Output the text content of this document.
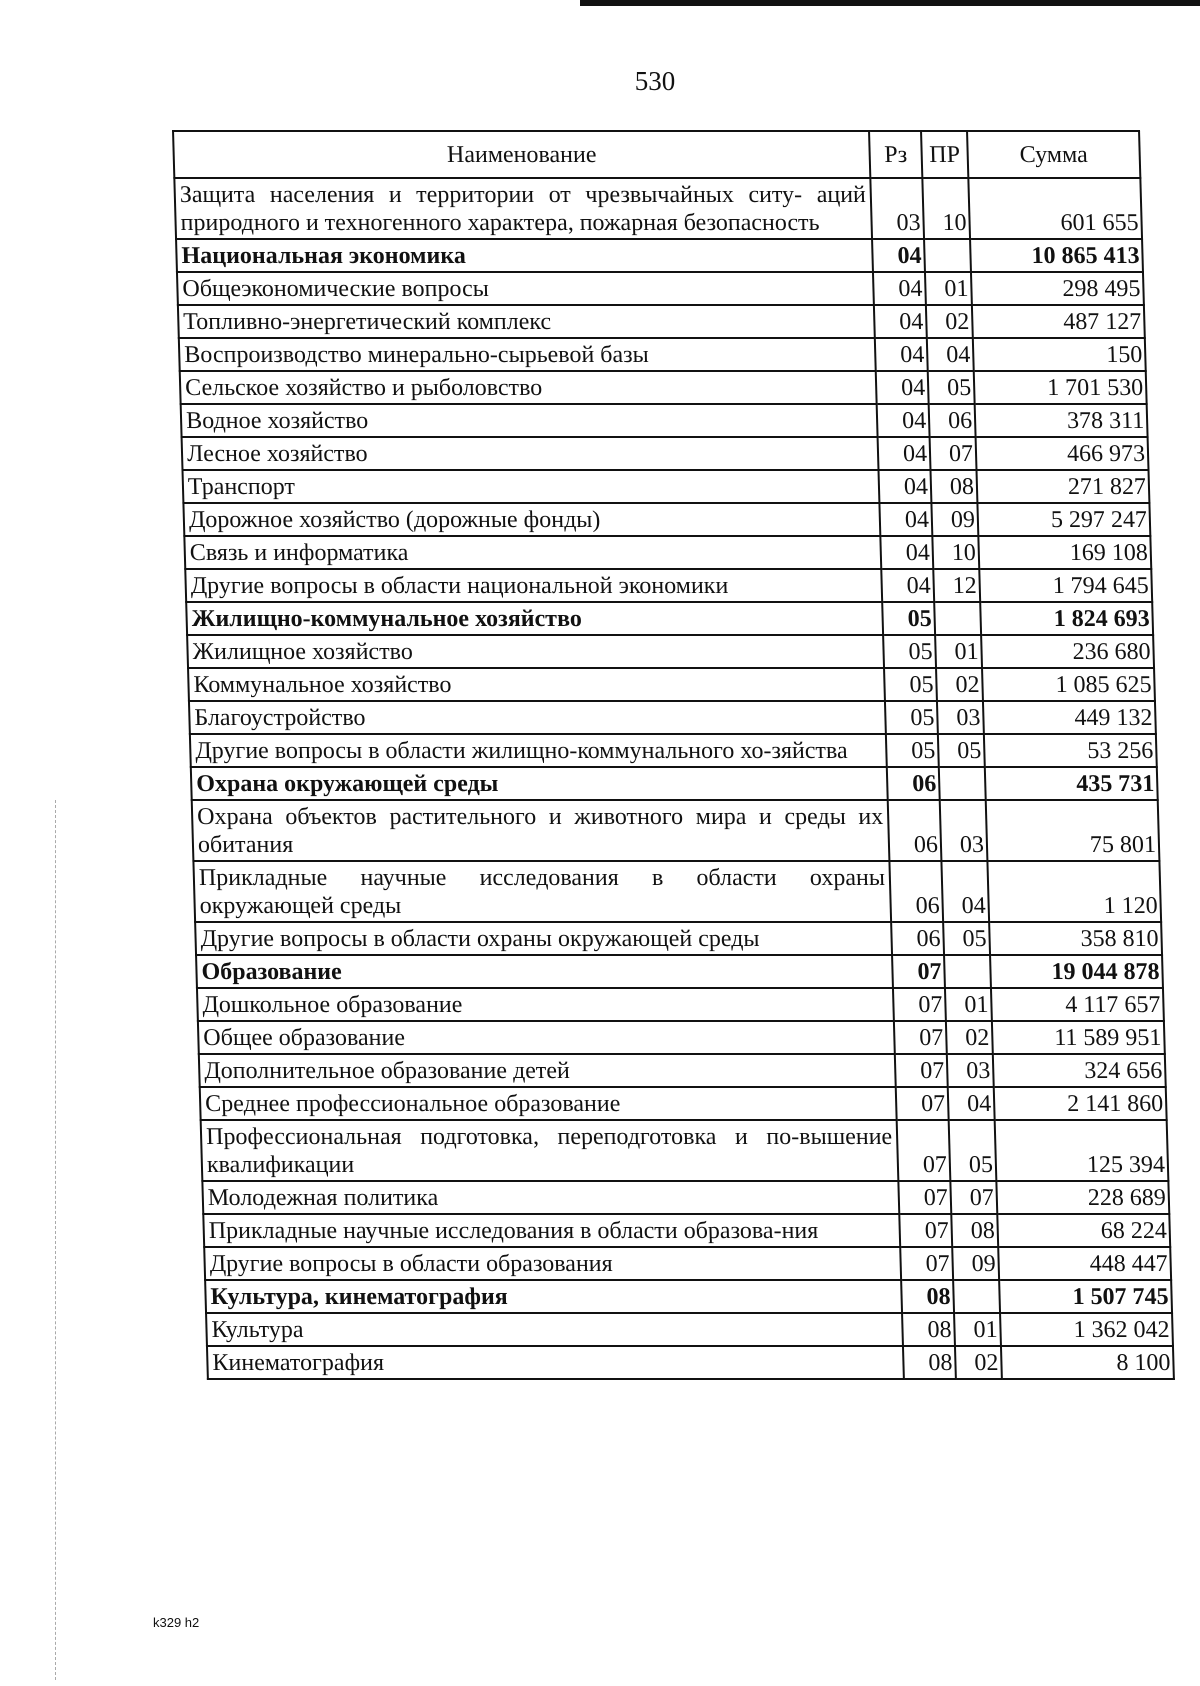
530
Наименование	Рз	ПР	Сумма
Защита населения и территории от чрезвычайных ситу- аций природного и техногенного характера, пожарная безопасность	03	10	601 655
Национальная экономика	04		10 865 413
Общеэкономические вопросы	04	01	298 495
Топливно-энергетический комплекс	04	02	487 127
Воспроизводство минерально-сырьевой базы	04	04	150
Сельское хозяйство и рыболовство	04	05	1 701 530
Водное хозяйство	04	06	378 311
Лесное хозяйство	04	07	466 973
Транспорт	04	08	271 827
Дорожное хозяйство (дорожные фонды)	04	09	5 297 247
Связь и информатика	04	10	169 108
Другие вопросы в области национальной экономики	04	12	1 794 645
Жилищно-коммунальное хозяйство	05		1 824 693
Жилищное хозяйство	05	01	236 680
Коммунальное хозяйство	05	02	1 085 625
Благоустройство	05	03	449 132
Другие вопросы в области жилищно-коммунального хо-зяйства	05	05	53 256
Охрана окружающей среды	06		435 731
Охрана объектов растительного и животного мира и среды их обитания	06	03	75 801
Прикладные научные исследования в области охраны окружающей среды	06	04	1 120
Другие вопросы в области охраны окружающей среды	06	05	358 810
Образование	07		19 044 878
Дошкольное образование	07	01	4 117 657
Общее образование	07	02	11 589 951
Дополнительное образование детей	07	03	324 656
Среднее профессиональное образование	07	04	2 141 860
Профессиональная подготовка, переподготовка и по-вышение квалификации	07	05	125 394
Молодежная политика	07	07	228 689
Прикладные научные исследования в области образова-ния	07	08	68 224
Другие вопросы в области образования	07	09	448 447
Культура, кинематография	08		1 507 745
Культура	08	01	1 362 042
Кинематография	08	02	8 100
k329 h2
